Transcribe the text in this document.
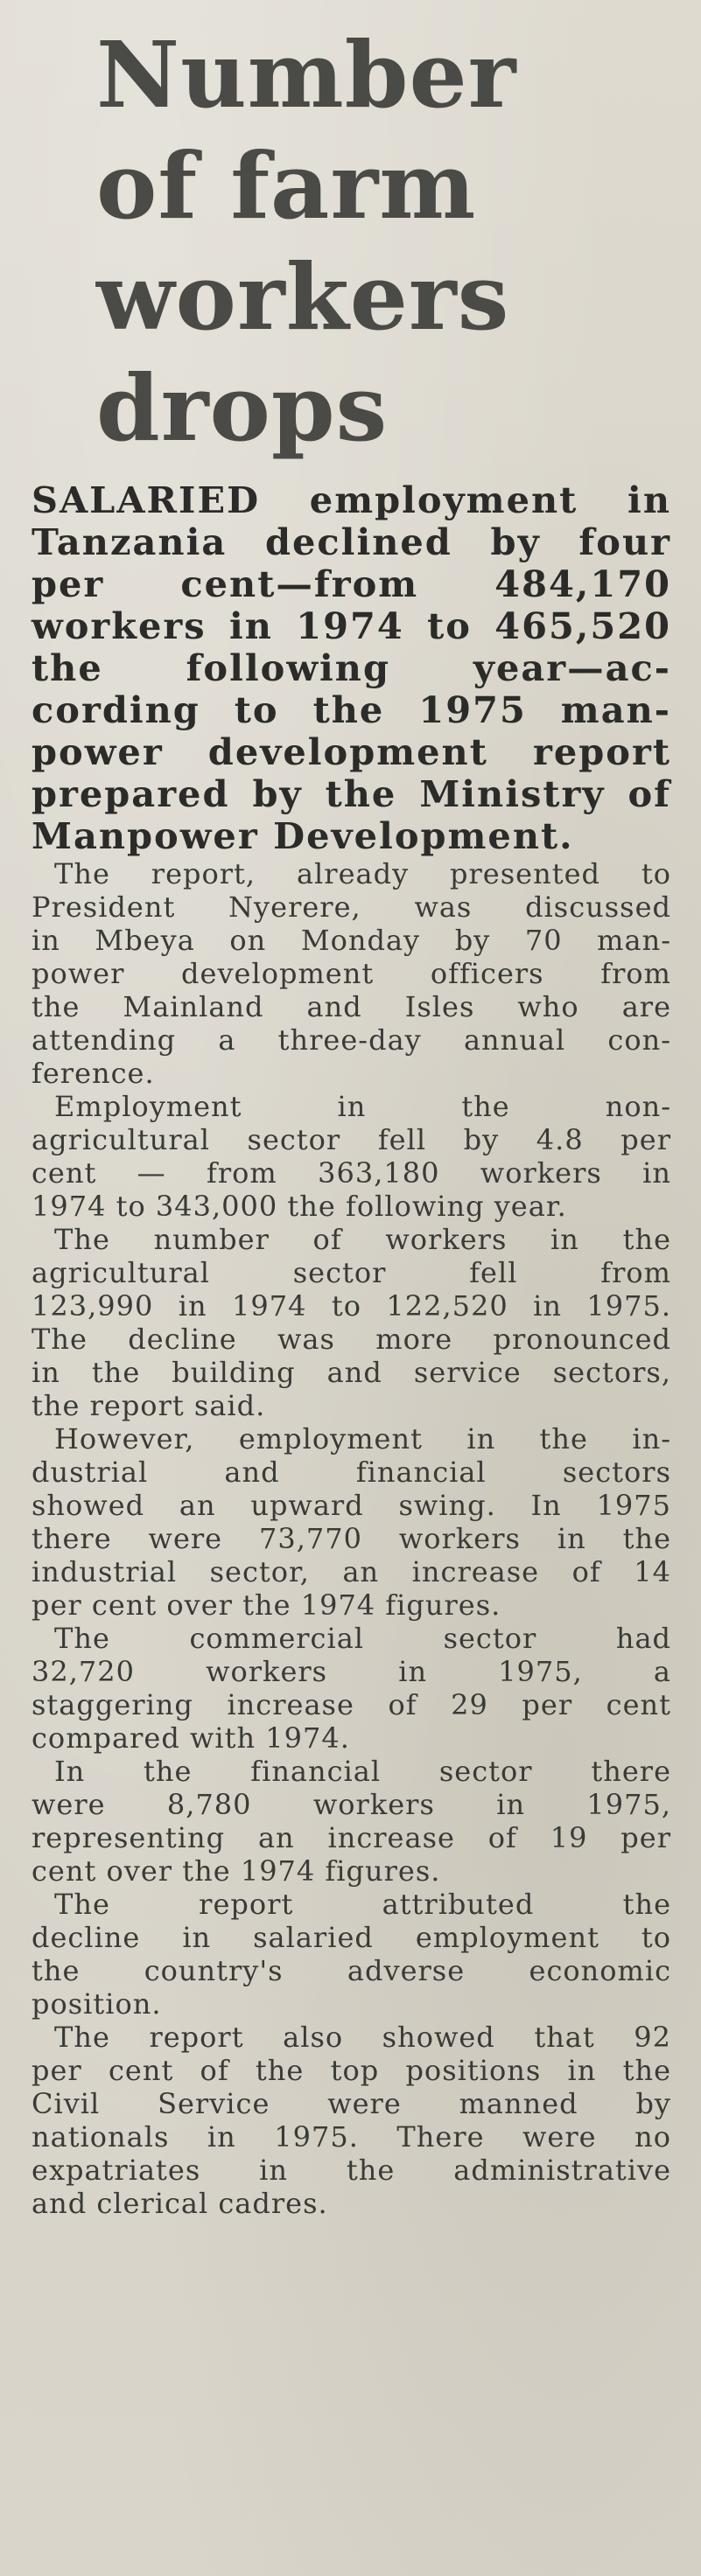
Number
of farm
workers
drops

SALARIED employment in
Tanzania declined by four
per cent—from 484,170
workers in 1974 to 465,520
the following year—ac-
cording to the 1975 man-
power development report
prepared by the Ministry of
Manpower Development.

The report, already presented to
President Nyerere, was discussed
in Mbeya on Monday by 70 man-
power development officers from
the Mainland and Isles who are
attending a three-day annual con-
ference.

Employment in the non-
agricultural sector fell by 4.8 per
cent — from 363,180 workers in
1974 to 343,000 the following year.

The number of workers in the
agricultural sector fell from
123,990 in 1974 to 122,520 in 1975.
The decline was more pronounced
in the building and service sectors,
the report said.

However, employment in the in-
dustrial and financial sectors
showed an upward swing. In 1975
there were 73,770 workers in the
industrial sector, an increase of 14
per cent over the 1974 figures.

The commercial sector had
32,720 workers in 1975, a
staggering increase of 29 per cent
compared with 1974.

In the financial sector there
were 8,780 workers in 1975,
representing an increase of 19 per
cent over the 1974 figures.

The report attributed the
decline in salaried employment to
the country's adverse economic
position.

The report also showed that 92
per cent of the top positions in the
Civil Service were manned by
nationals in 1975. There were no
expatriates in the administrative
and clerical cadres.
